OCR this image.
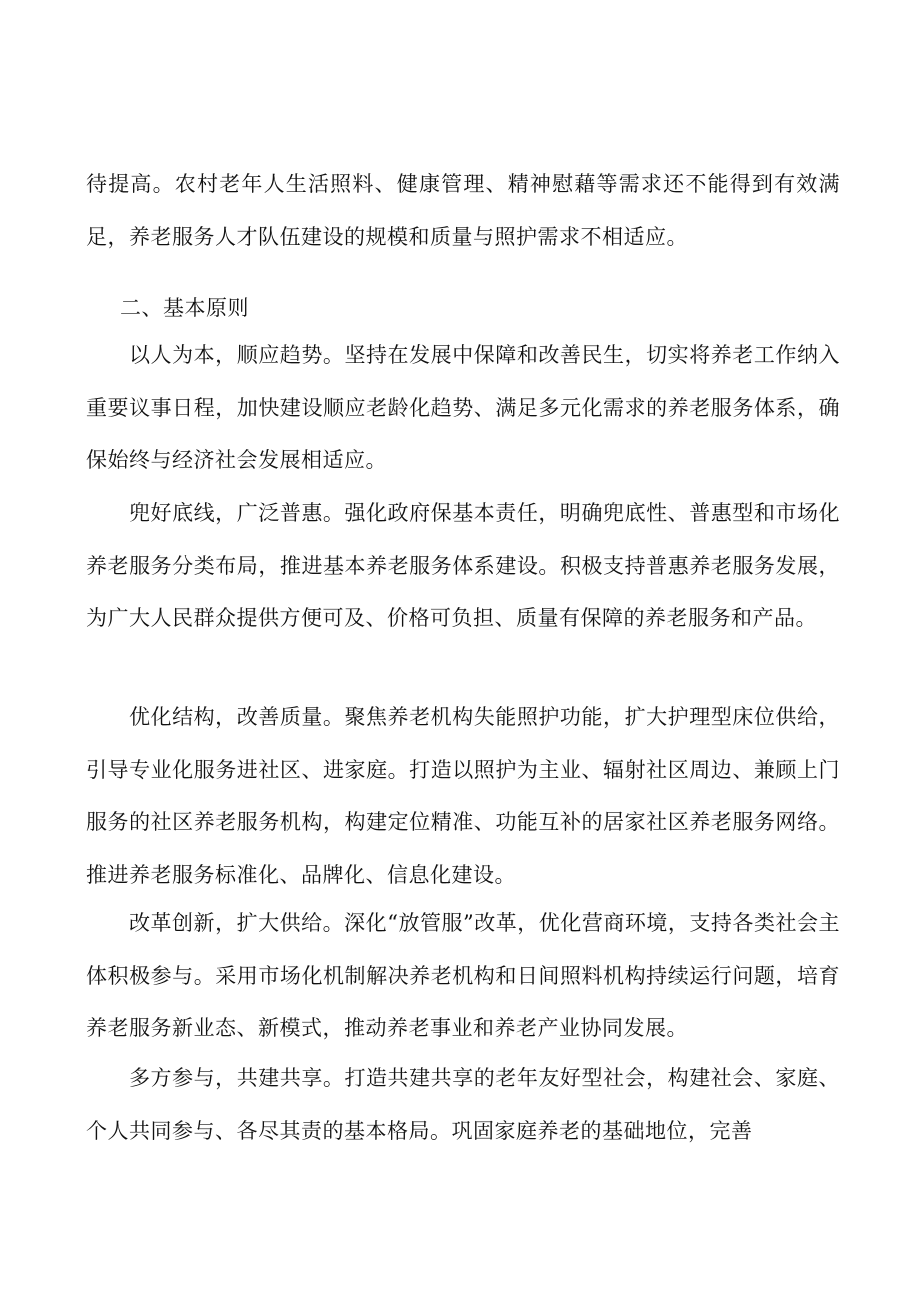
待提高。农村老年人生活照料、健康管理、精神慰藉等需求还不能得到有效满足，养老服务人才队伍建设的规模和质量与照护需求不相适应。

二、基本原则

以人为本，顺应趋势。坚持在发展中保障和改善民生，切实将养老工作纳入重要议事日程，加快建设顺应老龄化趋势、满足多元化需求的养老服务体系，确保始终与经济社会发展相适应。

兜好底线，广泛普惠。强化政府保基本责任，明确兜底性、普惠型和市场化养老服务分类布局，推进基本养老服务体系建设。积极支持普惠养老服务发展，为广大人民群众提供方便可及、价格可负担、质量有保障的养老服务和产品。

优化结构，改善质量。聚焦养老机构失能照护功能，扩大护理型床位供给，引导专业化服务进社区、进家庭。打造以照护为主业、辐射社区周边、兼顾上门服务的社区养老服务机构，构建定位精准、功能互补的居家社区养老服务网络。推进养老服务标准化、品牌化、信息化建设。

改革创新，扩大供给。深化“放管服”改革，优化营商环境，支持各类社会主体积极参与。采用市场化机制解决养老机构和日间照料机构持续运行问题，培育养老服务新业态、新模式，推动养老事业和养老产业协同发展。

多方参与，共建共享。打造共建共享的老年友好型社会，构建社会、家庭、个人共同参与、各尽其责的基本格局。巩固家庭养老的基础地位，完善
